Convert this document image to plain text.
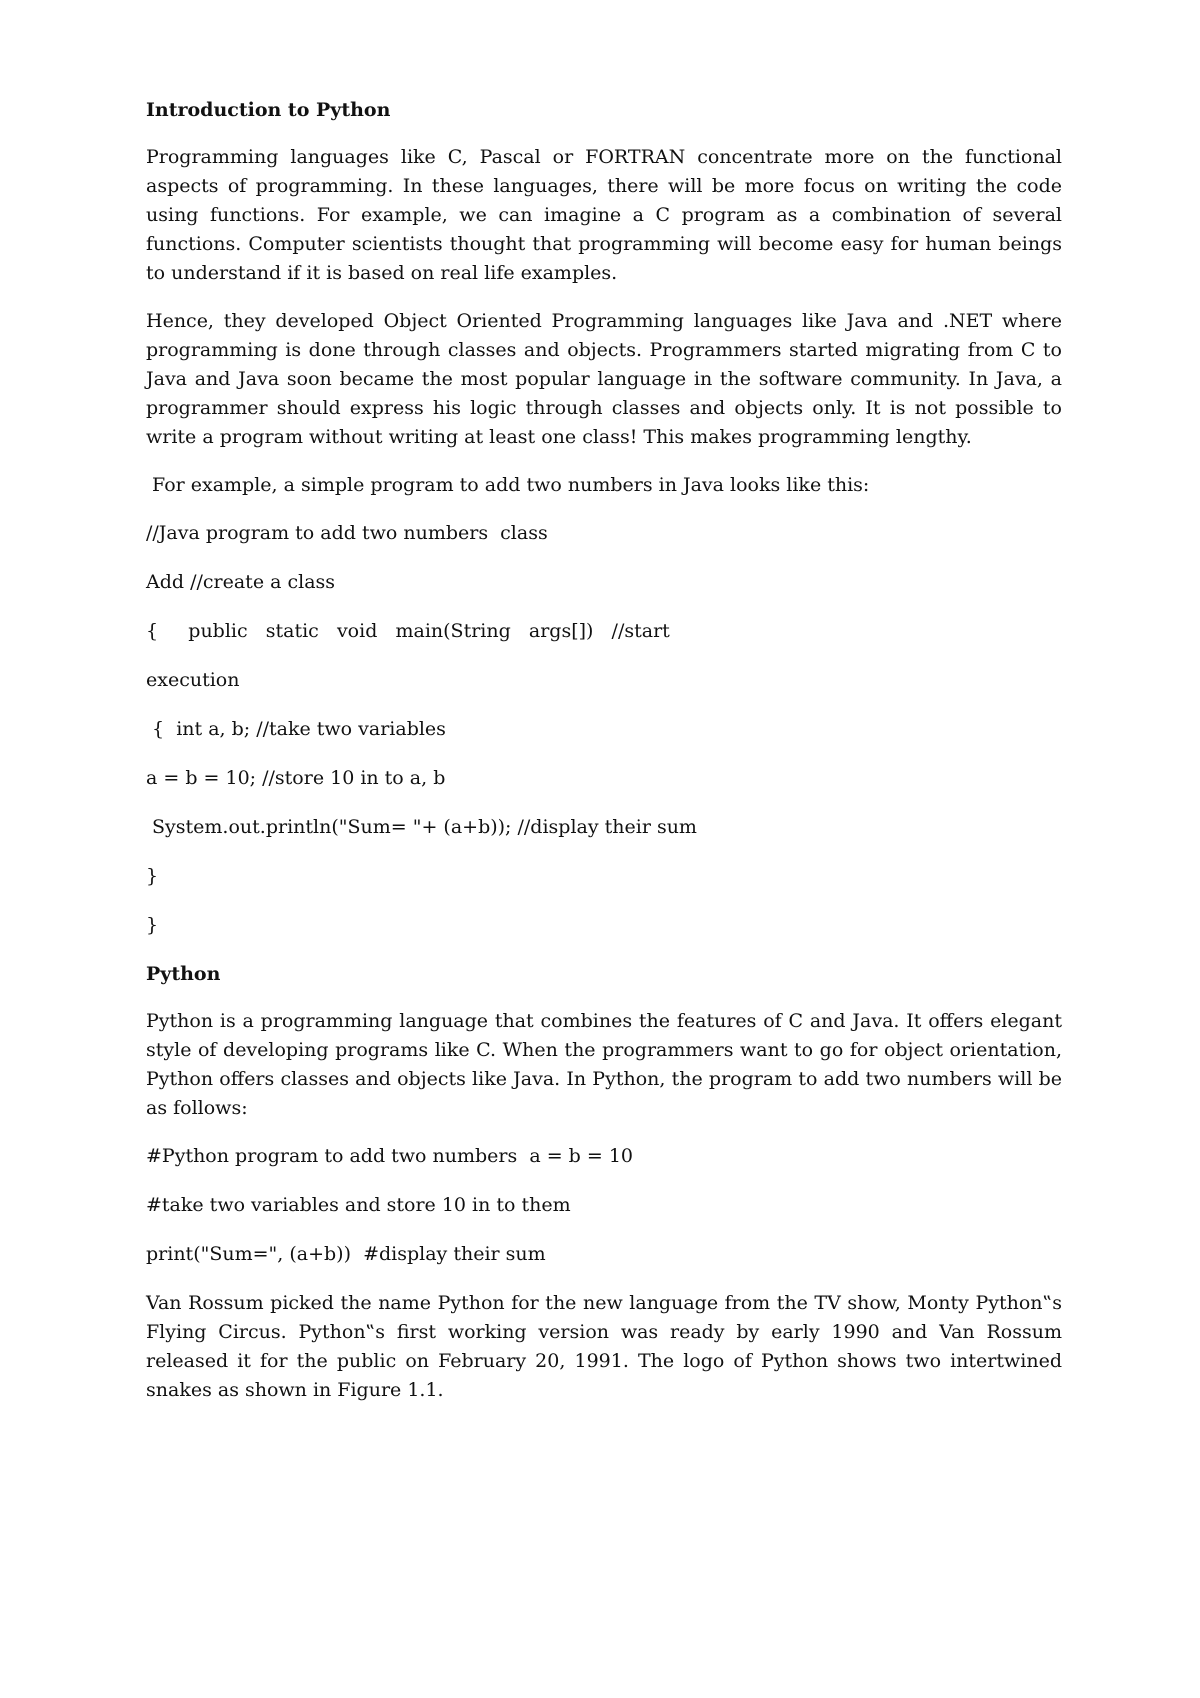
Introduction to Python

Programming languages like C, Pascal or FORTRAN concentrate more on the functional aspects of programming. In these languages, there will be more focus on writing the code using functions. For example, we can imagine a C program as a combination of several functions. Computer scientists thought that programming will become easy for human beings to understand if it is based on real life examples.

Hence, they developed Object Oriented Programming languages like Java and .NET where programming is done through classes and objects. Programmers started migrating from C to Java and Java soon became the most popular language in the software community. In Java, a programmer should express his logic through classes and objects only. It is not possible to write a program without writing at least one class! This makes programming lengthy.

For example, a simple program to add two numbers in Java looks like this:

//Java program to add two numbers  class
Add //create a class
{     public   static   void   main(String   args[])   //start
execution
{  int a, b; //take two variables
a = b = 10; //store 10 in to a, b
System.out.println("Sum= "+ (a+b)); //display their sum
}
}
Python

Python is a programming language that combines the features of C and Java. It offers elegant style of developing programs like C. When the programmers want to go for object orientation, Python offers classes and objects like Java. In Python, the program to add two numbers will be as follows:

#Python program to add two numbers  a = b = 10
#take two variables and store 10 in to them
print("Sum=", (a+b))  #display their sum

Van Rossum picked the name Python for the new language from the TV show, Monty Python‟s Flying Circus. Python‟s first working version was ready by early 1990 and Van Rossum released it for the public on February 20, 1991. The logo of Python shows two intertwined snakes as shown in Figure 1.1.
